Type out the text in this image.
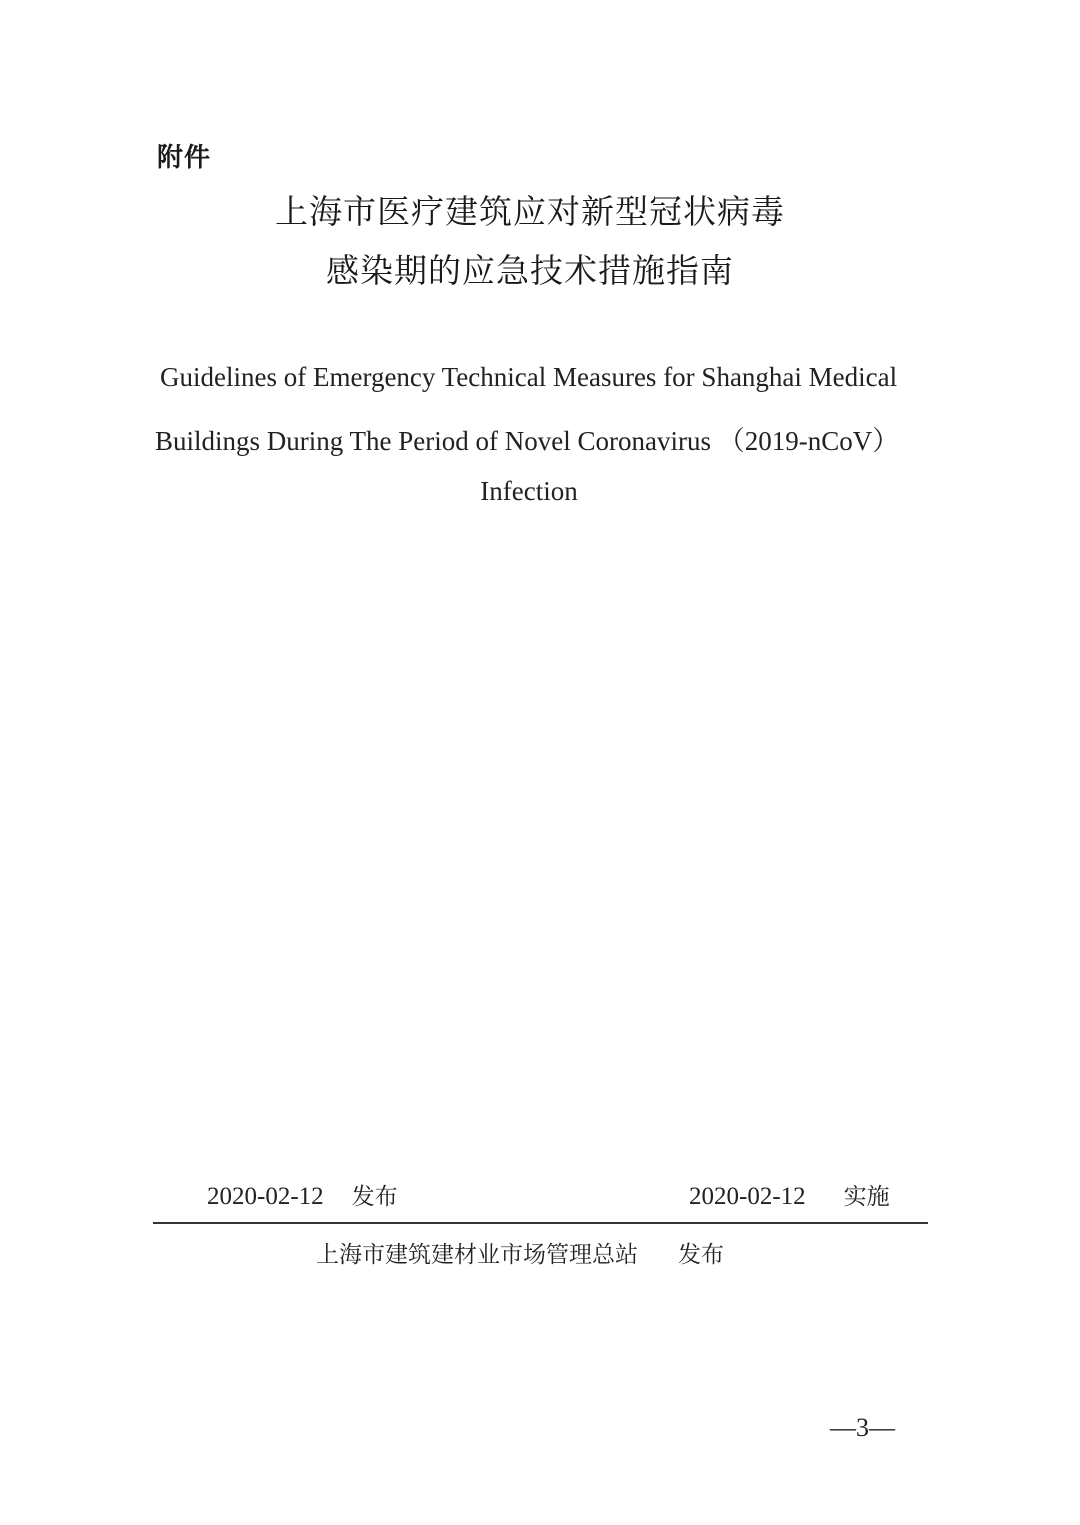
附件
上海市医疗建筑应对新型冠状病毒
感染期的应急技术措施指南
Guidelines of Emergency Technical Measures for Shanghai Medical
Buildings During The Period of Novel Coronavirus （2019-nCoV）
Infection
2020-02-12 发布	2020-02-12 实施
上海市建筑建材业市场管理总站 发布
—3—
